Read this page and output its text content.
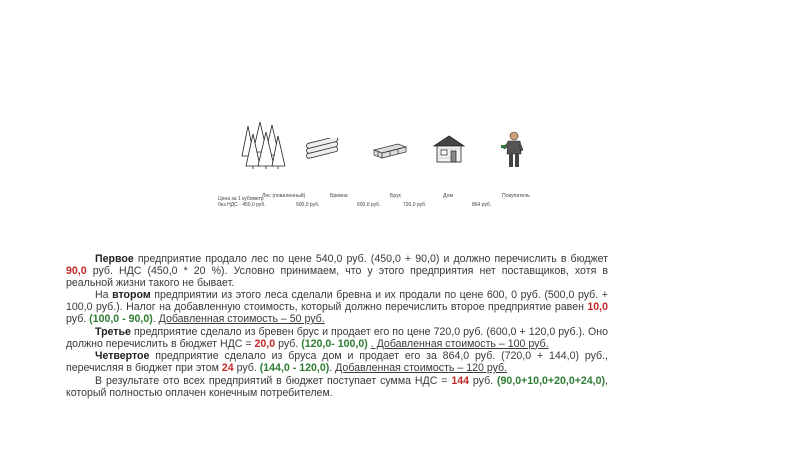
Лес (поваленный)	Бревна	Брус	Дом	Покупатель
Цена за 1 кубометр
без НДС - 450,0 руб.	500,0 руб.	600,0 руб.	720,0 руб.	864 руб.

Первое предприятие продало лес по цене 540,0 руб. (450,0 + 90,0) и должно перечислить в бюджет 90,0 руб. НДС (450,0 * 20 %). Условно принимаем, что у этого предприятия нет поставщиков, хотя в реальной жизни такого не бывает.

На втором предприятии из этого леса сделали бревна и их продали по цене 600, 0 руб. (500,0 руб. + 100,0 руб.). Налог на добавленную стоимость, который должно перечислить второе предприятие равен 10,0 руб. (100,0 - 90,0). Добавленная стоимость – 50 руб.

Третье предприятие сделало из бревен брус и продает его по цене 720,0 руб. (600,0 + 120,0 руб.). Оно должно перечислить в бюджет НДС = 20,0 руб. (120,0- 100,0) . Добавленная стоимость – 100 руб.

Четвертое предприятие сделало из бруса дом и продает его за 864,0 руб. (720,0 + 144,0) руб., перечисляя в бюджет при этом 24 руб. (144,0 - 120,0). Добавленная стоимость – 120 руб.

В результате ото всех предприятий в бюджет поступает сумма НДС = 144 руб. (90,0+10,0+20,0+24,0), который полностью оплачен конечным потребителем.
